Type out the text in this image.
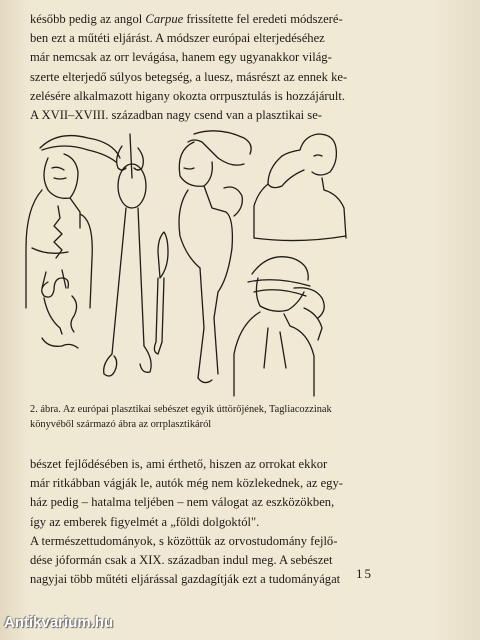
később pedig az angol Carpue frissítette fel eredeti módszeré-
ben ezt a műtéti eljárást. A módszer európai elterjedéséhez
már nemcsak az orr levágása, hanem egy ugyanakkor világ-
szerte elterjedő súlyos betegség, a luesz, másrészt az ennek ke-
zelésére alkalmazott higany okozta orrpusztulás is hozzájárult.
A XVII–XVIII. században nagy csend van a plasztikai se-

2. ábra. Az európai plasztikai sebészet egyik úttörőjének, Tagliacozzinak
könyvéből származó ábra az orrplasztikáról

bészet fejlődésében is, ami érthető, hiszen az orrokat ekkor
már ritkábban vágják le, autók még nem közlekednek, az egy-
ház pedig – hatalma teljében – nem válogat az eszközökben,
így az emberek figyelmét a „földi dolgoktól".
A természettudományok, s közöttük az orvostudomány fejlő-
dése jóformán csak a XIX. században indul meg. A sebészet
nagyjai több műtéti eljárással gazdagítják ezt a tudományágat	15
Antikvarium.hu
